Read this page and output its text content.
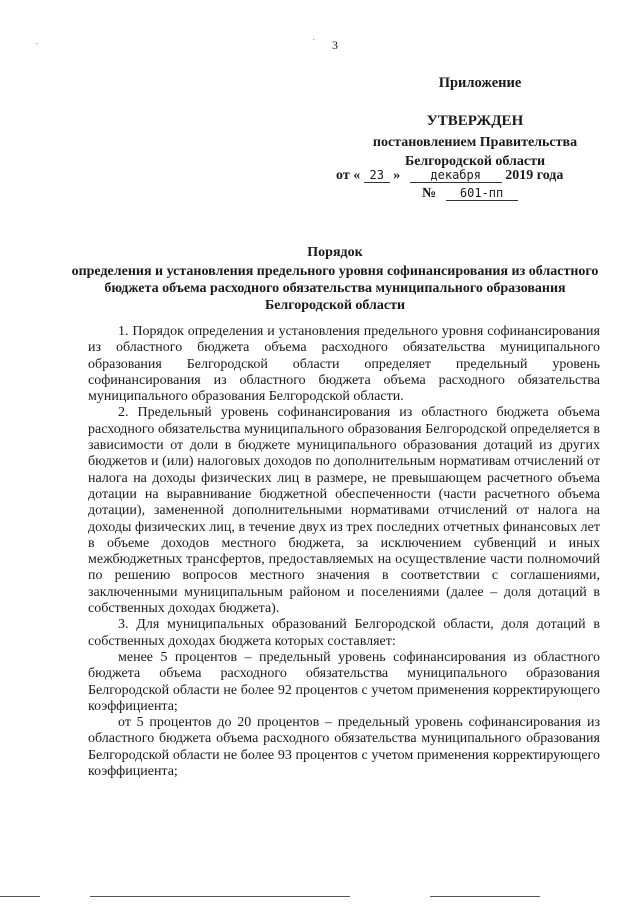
˙	˙ 3
Приложение
УТВЕРЖДЕН
постановлением Правительства
Белгородской области
от « 23 »	декабря 2019 года
№ 601-пп
Порядок
определения и установления предельного уровня софинансирования из областного бюджета объема расходного обязательства муниципального образования Белгородской области

1. Порядок определения и установления предельного уровня софинансирования из областного бюджета объема расходного обязательства муниципального образования Белгородской области определяет предельный уровень софинансирования из областного бюджета объема расходного обязательства муниципального образования Белгородской области.

2. Предельный уровень софинансирования из областного бюджета объема расходного обязательства муниципального образования Белгородской определяется в зависимости от доли в бюджете муниципального образования дотаций из других бюджетов и (или) налоговых доходов по дополнительным нормативам отчислений от налога на доходы физических лиц в размере, не превышающем расчетного объема дотации на выравнивание бюджетной обеспеченности (части расчетного объема дотации), замененной дополнительными нормативами отчислений от налога на доходы физических лиц, в течение двух из трех последних отчетных финансовых лет в объеме доходов местного бюджета, за исключением субвенций и иных межбюджетных трансфертов, предоставляемых на осуществление части полномочий по решению вопросов местного значения в соответствии с соглашениями, заключенными муниципальным районом и поселениями (далее – доля дотаций в собственных доходах бюджета).

3. Для муниципальных образований Белгородской области, доля дотаций в собственных доходах бюджета которых составляет:

менее 5 процентов – предельный уровень софинансирования из областного бюджета объема расходного обязательства муниципального образования Белгородской области не более 92 процентов с учетом применения корректирующего коэффициента;

от 5 процентов до 20 процентов – предельный уровень софинансирования из областного бюджета объема расходного обязательства муниципального образования Белгородской области не более 93 процентов с учетом применения корректирующего коэффициента;
